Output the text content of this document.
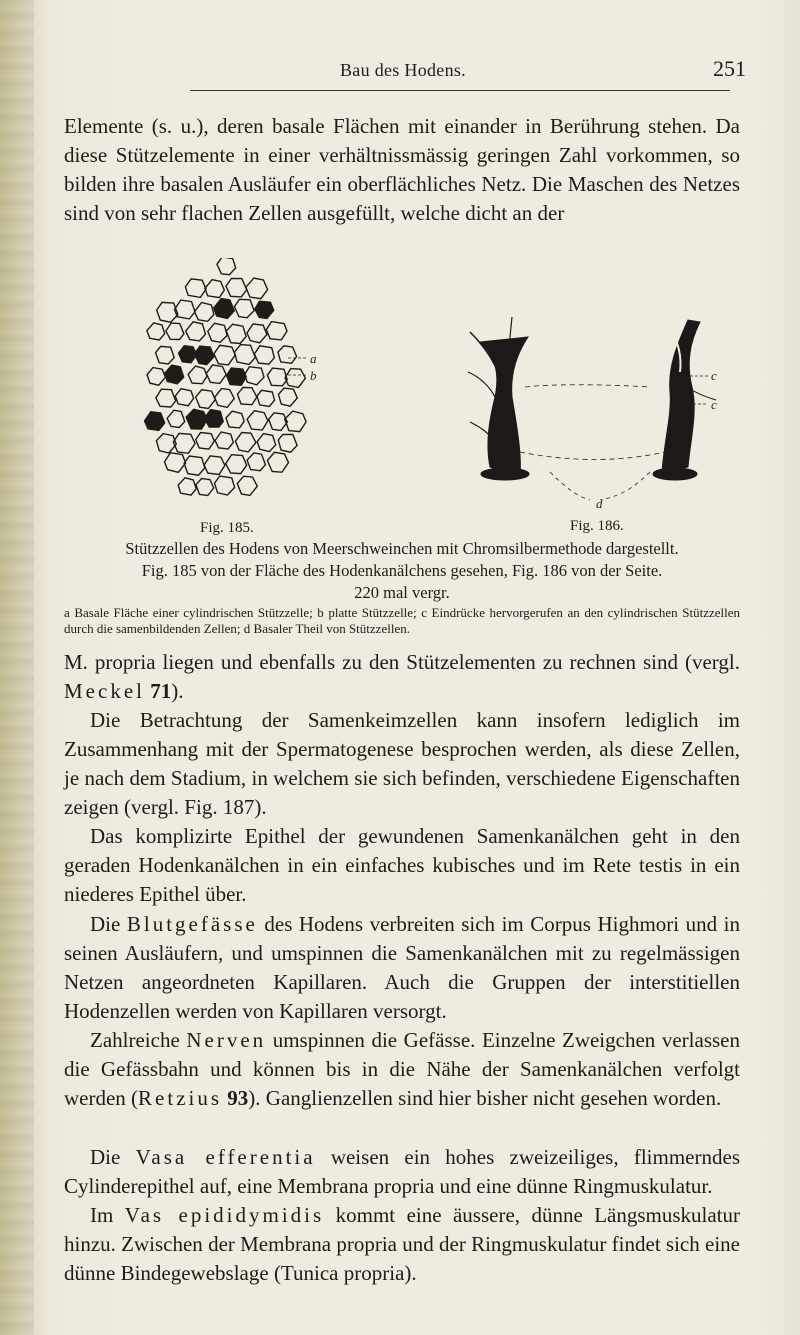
Bau des Hodens.	251

Elemente (s. u.), deren basale Flächen mit einander in Berührung stehen. Da diese Stützelemente in einer verhältnissmässig geringen Zahl vorkommen, so bilden ihre basalen Ausläufer ein oberflächliches Netz. Die Maschen des Netzes sind von sehr flachen Zellen ausgefüllt, welche dicht an der

a
b
Fig. 185.
c
c
d
Fig. 186.
Stützzellen des Hodens von Meerschweinchen mit Chromsilbermethode dargestellt.
Fig. 185 von der Fläche des Hodenkanälchens gesehen, Fig. 186 von der Seite.
220 mal vergr.
a Basale Fläche einer cylindrischen Stützzelle; b platte Stützzelle; c Eindrücke hervorgerufen an den cylindrischen Stützzellen durch die samenbildenden Zellen; d Basaler Theil von Stützzellen.

M. propria liegen und ebenfalls zu den Stützelementen zu rechnen sind (vergl. Meckel 71).

Die Betrachtung der Samenkeimzellen kann insofern lediglich im Zusammenhang mit der Spermatogenese besprochen werden, als diese Zellen, je nach dem Stadium, in welchem sie sich befinden, verschiedene Eigenschaften zeigen (vergl. Fig. 187).

Das komplizirte Epithel der gewundenen Samenkanälchen geht in den geraden Hodenkanälchen in ein einfaches kubisches und im Rete testis in ein niederes Epithel über.

Die Blutgefässe des Hodens verbreiten sich im Corpus Highmori und in seinen Ausläufern, und umspinnen die Samenkanälchen mit zu regelmässigen Netzen angeordneten Kapillaren. Auch die Gruppen der interstitiellen Hodenzellen werden von Kapillaren versorgt.

Zahlreiche Nerven umspinnen die Gefässe. Einzelne Zweigchen verlassen die Gefässbahn und können bis in die Nähe der Samenkanälchen verfolgt werden (Retzius 93). Ganglienzellen sind hier bisher nicht gesehen worden.

Die Vasa efferentia weisen ein hohes zweizeiliges, flimmerndes Cylinderepithel auf, eine Membrana propria und eine dünne Ringmuskulatur.

Im Vas epididymidis kommt eine äussere, dünne Längsmuskulatur hinzu. Zwischen der Membrana propria und der Ringmuskulatur findet sich eine dünne Bindegewebslage (Tunica propria).
